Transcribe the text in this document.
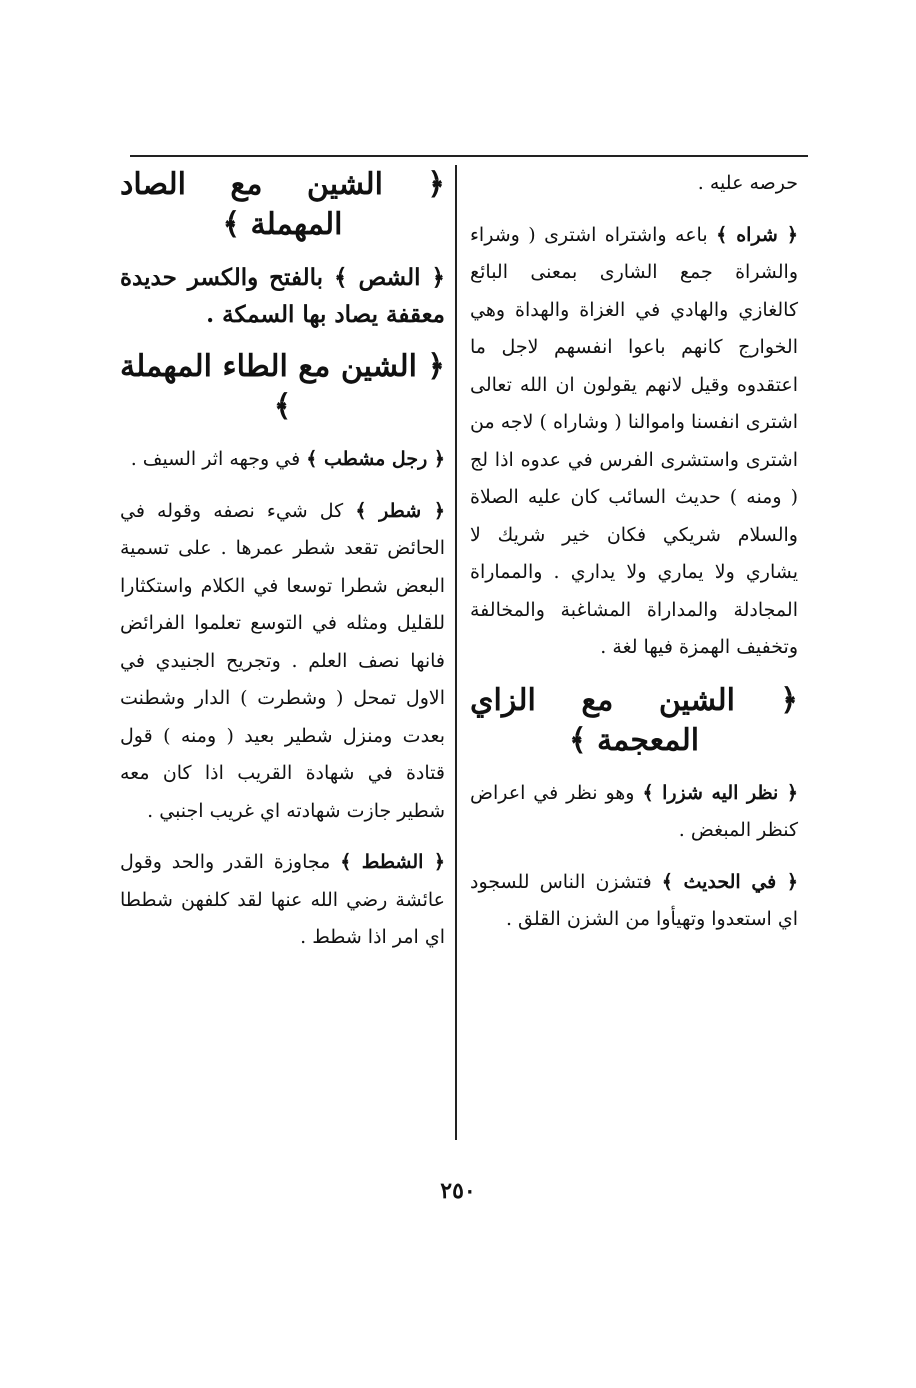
حرصه عليه .

﴿ شراه ﴾ باعه واشتراه اشترى ( وشراء والشراة جمع الشاری بمعنی البائع كالغازي والهادي في الغزاة والهداة وهي الخوارج كانهم باعوا انفسهم لاجل ما اعتقدوه وقيل لانهم يقولون ان الله تعالى اشترى انفسنا واموالنا ( وشاراه ) لاجه من اشترى واستشرى الفرس في عدوه اذا لج ( ومنه ) حديث السائب كان عليه الصلاة والسلام شريكي فكان خير شريك لا يشاري ولا يماري ولا يداري . والمماراة المجادلة والمداراة المشاغبة والمخالفة وتخفيف الهمزة فيها لغة .

﴿ الشين مع الزاي المعجمة ﴾

﴿ نظر اليه شزرا ﴾ وهو نظر في اعراض كنظر المبغض .

﴿ في الحديث ﴾ فتشزن الناس للسجود اي استعدوا وتهيأوا من الشزن القلق .

﴿ الشين مع الصاد المهملة ﴾

﴿ الشص ﴾ بالفتح والكسر حديدة معقفة يصاد بها السمكة .

﴿ الشين مع الطاء المهملة ﴾

﴿ رجل مشطب ﴾ في وجهه اثر السيف .

﴿ شطر ﴾ كل شيء نصفه وقوله في الحائض تقعد شطر عمرها . على تسمية البعض شطرا توسعا في الكلام واستكثارا للقليل ومثله في التوسع تعلموا الفرائض فانها نصف العلم . وتجريح الجنيدي في الاول تمحل ( وشطرت ) الدار وشطنت بعدت ومنزل شطير بعيد ( ومنه ) قول قتادة في شهادة القريب اذا كان معه شطير جازت شهادته اي غريب اجنبي .

﴿ الشطط ﴾ مجاوزة القدر والحد وقول عائشة رضي الله عنها لقد كلفهن شططا اي امر اذا شطط .

٢٥٠
